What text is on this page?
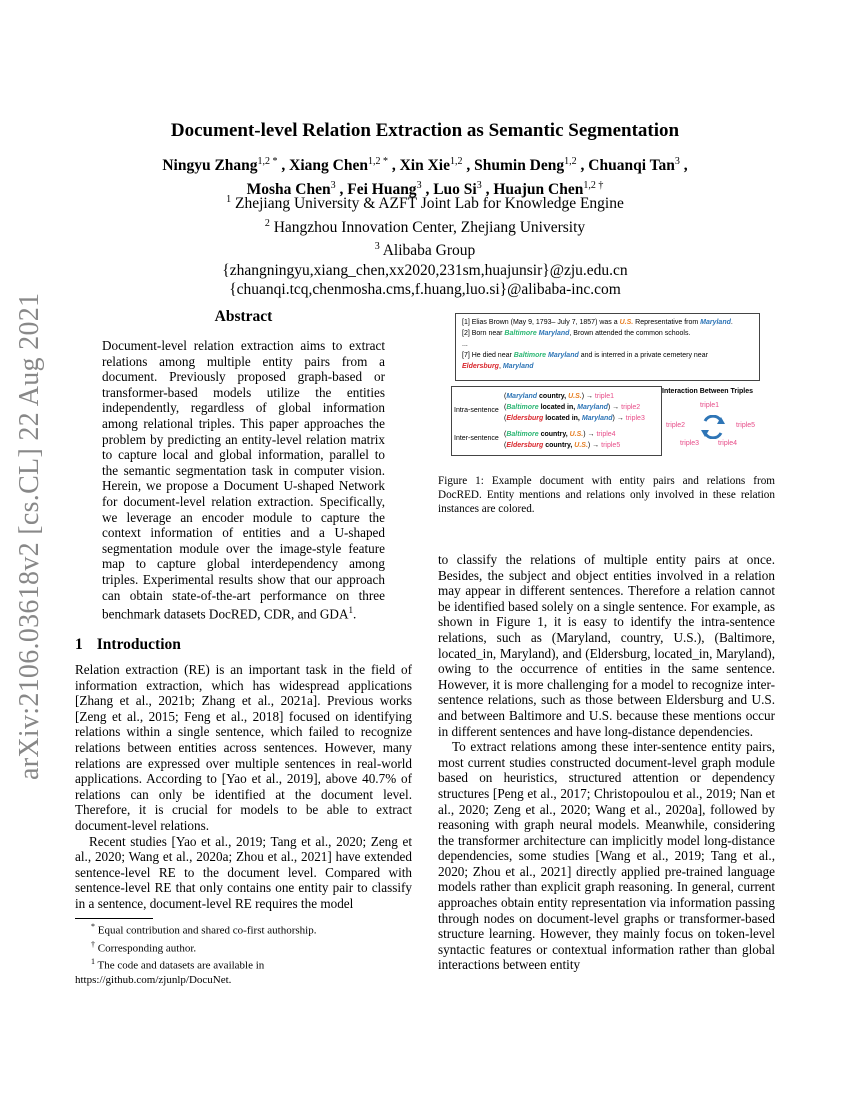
arXiv:2106.03618v2 [cs.CL] 22 Aug 2021
Document-level Relation Extraction as Semantic Segmentation
Ningyu Zhang$^{1,2 *}$ , Xiang Chen$^{1,2 *}$ , Xin Xie$^{1,2}$ , Shumin Deng$^{1,2}$ , Chuanqi Tan$^3$ ,
Mosha Chen$^3$ , Fei Huang$^3$ , Luo Si$^3$ , Huajun Chen$^{1,2 \dagger}$
$^1$ Zhejiang University & AZFT Joint Lab for Knowledge Engine
$^2$ Hangzhou Innovation Center, Zhejiang University
$^3$ Alibaba Group
{zhangningyu,xiang_chen,xx2020,231sm,huajunsir}@zju.edu.cn
{chuanqi.tcq,chenmosha.cms,f.huang,luo.si}@alibaba-inc.com
Abstract
Document-level relation extraction aims to extract relations among multiple entity pairs from a document. Previously proposed graph-based or transformer-based models utilize the entities independently, regardless of global information among relational triples. This paper approaches the problem by predicting an entity-level relation matrix to capture local and global information, parallel to the semantic segmentation task in computer vision. Herein, we propose a Document U-shaped Network for document-level relation extraction. Specifically, we leverage an encoder module to capture the context information of entities and a U-shaped segmentation module over the image-style feature map to capture global interdependency among triples. Experimental results show that our approach can obtain state-of-the-art performance on three benchmark datasets DocRED, CDR, and GDA$^1$.
1 Introduction

Relation extraction (RE) is an important task in the field of information extraction, which has widespread applications [Zhang et al., 2021b; Zhang et al., 2021a]. Previous works [Zeng et al., 2015; Feng et al., 2018] focused on identifying relations within a single sentence, which failed to recognize relations between entities across sentences. However, many relations are expressed over multiple sentences in real-world applications. According to [Yao et al., 2019], above 40.7% of relations can only be identified at the document level. Therefore, it is crucial for models to be able to extract document-level relations.

Recent studies [Yao et al., 2019; Tang et al., 2020; Zeng et al., 2020; Wang et al., 2020a; Zhou et al., 2021] have extended sentence-level RE to the document level. Compared with sentence-level RE that only contains one entity pair to classify in a sentence, document-level RE requires the model

* Equal contribution and shared co-first authorship.

† Corresponding author.

$^1$ The code and datasets are available in https://github.com/zjunlp/DocuNet.

[1] Elias Brown (May 9, 1793– July 7, 1857) was a U.S. Representative from Maryland.
[2] Born near Baltimore Maryland, Brown attended the common schools.
...
[7] He died near Baltimore Maryland and is interred in a private cemetery near
Eldersburg, Maryland
Intra-sentence
Inter-sentence
(Maryland country, U.S.) → triple1
(Baltimore located in, Maryland) → triple2
(Eldersburg located in, Maryland) → triple3
(Baltimore country, U.S.) → triple4
(Eldersburg country, U.S.) → triple5
Interaction Between Triples
triple1
triple2	triple5
triple3	triple4
Figure 1: Example document with entity pairs and relations from DocRED. Entity mentions and relations only involved in these relation instances are colored.

to classify the relations of multiple entity pairs at once. Besides, the subject and object entities involved in a relation may appear in different sentences. Therefore a relation cannot be identified based solely on a single sentence. For example, as shown in Figure 1, it is easy to identify the intra-sentence relations, such as (Maryland, country, U.S.), (Baltimore, located_in, Maryland), and (Eldersburg, located_in, Maryland), owing to the occurrence of entities in the same sentence. However, it is more challenging for a model to recognize inter-sentence relations, such as those between Eldersburg and U.S. and between Baltimore and U.S. because these mentions occur in different sentences and have long-distance dependencies.

To extract relations among these inter-sentence entity pairs, most current studies constructed document-level graph module based on heuristics, structured attention or dependency structures [Peng et al., 2017; Christopoulou et al., 2019; Nan et al., 2020; Zeng et al., 2020; Wang et al., 2020a], followed by reasoning with graph neural models. Meanwhile, considering the transformer architecture can implicitly model long-distance dependencies, some studies [Wang et al., 2019; Tang et al., 2020; Zhou et al., 2021] directly applied pre-trained language models rather than explicit graph reasoning. In general, current approaches obtain entity representation via information passing through nodes on document-level graphs or transformer-based structure learning. However, they mainly focus on token-level syntactic features or contextual information rather than global interactions between entity
